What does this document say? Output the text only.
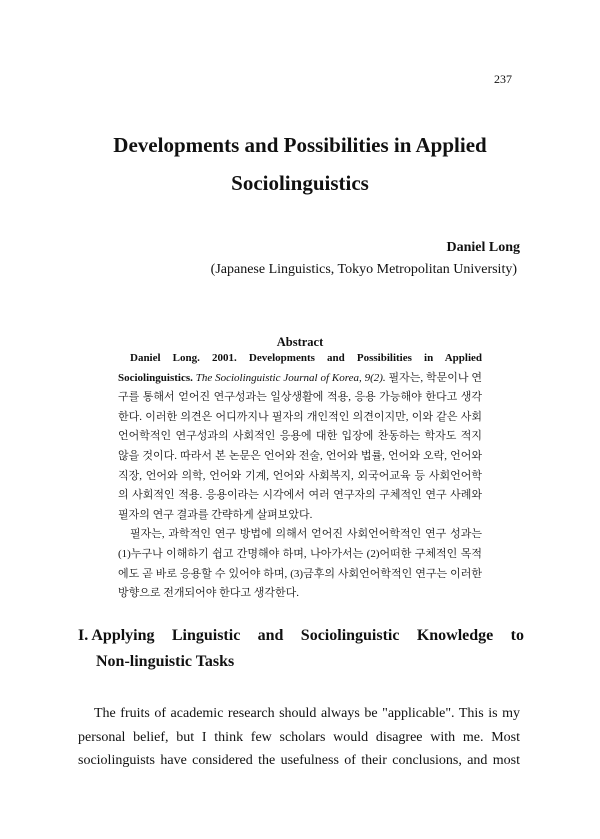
237
Developments and Possibilities in Applied
Sociolinguistics
Daniel Long
(Japanese Linguistics, Tokyo Metropolitan University)
Abstract

Daniel Long. 2001. Developments and Possibilities in Applied Sociolinguistics. The Sociolinguistic Journal of Korea, 9(2). 필자는, 학문이나 연구를 통해서 얻어진 연구성과는 일상생활에 적용, 응용 가능해야 한다고 생각한다. 이러한 의견은 어디까지나 필자의 개인적인 의견이지만, 이와 같은 사회언어학적인 연구성과의 사회적인 응용에 대한 입장에 찬동하는 학자도 적지 않을 것이다. 따라서 본 논문은 언어와 전술, 언어와 법률, 언어와 오락, 언어와 직장, 언어와 의학, 언어와 기계, 언어와 사회복지, 외국어교육 등 사회언어학의 사회적인 적용. 응용이라는 시각에서 여러 연구자의 구체적인 연구 사례와 필자의 연구 결과를 간략하게 살펴보았다.

필자는, 과학적인 연구 방법에 의해서 얻어진 사회언어학적인 연구 성과는 (1)누구나 이해하기 쉽고 간명해야 하며, 나아가서는 (2)어떠한 구체적인 목적에도 곧 바로 응용할 수 있어야 하며, (3)금후의 사회언어학적인 연구는 이러한 방향으로 전개되어야 한다고 생각한다.

I. Applying Linguistic and Sociolinguistic Knowledge to
Non-linguistic Tasks
The fruits of academic research should always be "applicable". This is my
personal belief, but I think few scholars would disagree with me. Most
sociolinguists have considered the usefulness of their conclusions, and most
